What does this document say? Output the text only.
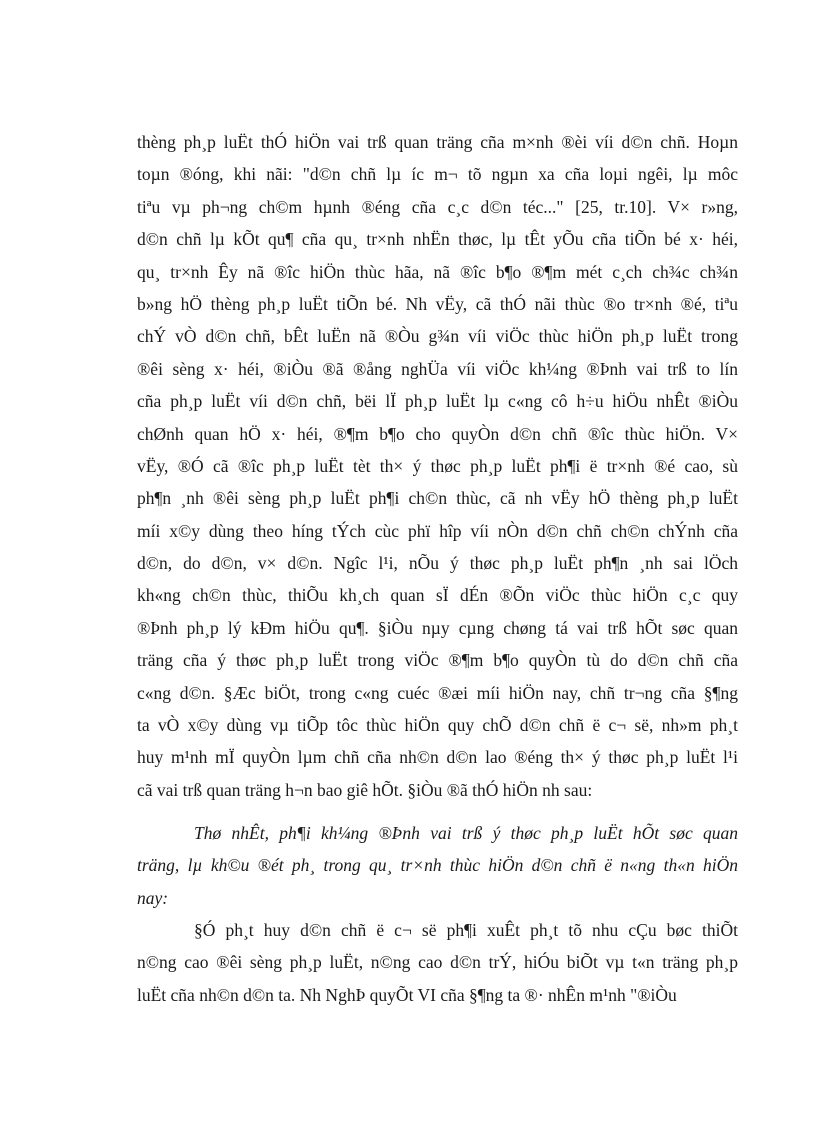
thèng ph¸p luËt thÓ hiÖn vai trß quan träng cña m×nh ®èi víi d©n chñ. Hoµn
toµn ®óng, khi nãi: "d©n chñ lµ íc m¬ tõ ngµn xa cña loµi ngêi, lµ môc
tiªu vµ ph¬ng ch©m hµnh ®éng cña c¸c d©n téc..." [25, tr.10]. V× r»ng,
d©n chñ lµ kÕt qu¶ cña qu¸ tr×nh nhËn thøc, lµ tÊt yÕu cña tiÕn bé x· héi,
qu¸ tr×nh Êy nã ®îc hiÖn thùc hãa, nã ®îc b¶o ®¶m mét c¸ch ch¾c ch¾n
b»ng hÖ thèng ph¸p luËt tiÕn bé. Nh vËy, cã thÓ nãi thùc ®o tr×nh ®é, tiªu
chÝ vÒ d©n chñ, bÊt luËn nã ®Òu g¾n víi viÖc thùc hiÖn ph¸p luËt trong
®êi sèng x· héi, ®iÒu ®ã ®ång nghÜa víi viÖc kh¼ng ®Þnh vai trß to lín
cña ph¸p luËt víi d©n chñ, bëi lÏ ph¸p luËt lµ c«ng cô h÷u hiÖu nhÊt ®iÒu
chØnh quan hÖ x· héi, ®¶m b¶o cho quyÒn d©n chñ ®îc thùc hiÖn. V×
vËy, ®Ó cã ®îc ph¸p luËt tèt th× ý thøc ph¸p luËt ph¶i ë tr×nh ®é cao, sù
ph¶n ¸nh ®êi sèng ph¸p luËt ph¶i ch©n thùc, cã nh vËy hÖ thèng ph¸p luËt
míi x©y dùng theo híng tÝch cùc phï hîp víi nÒn d©n chñ ch©n chÝnh cña
d©n, do d©n, v× d©n. Ngîc l¹i, nÕu ý thøc ph¸p luËt ph¶n ¸nh sai lÖch
kh«ng ch©n thùc, thiÕu kh¸ch quan sÏ dÉn ®Õn viÖc thùc hiÖn c¸c quy
®Þnh ph¸p lý kÐm hiÖu qu¶. §iÒu nµy cµng chøng tá vai trß hÕt søc quan
träng cña ý thøc ph¸p luËt trong viÖc ®¶m b¶o quyÒn tù do d©n chñ cña
c«ng d©n. §Æc biÖt, trong c«ng cuéc ®æi míi hiÖn nay, chñ tr¬ng cña §¶ng
ta vÒ x©y dùng vµ tiÕp tôc thùc hiÖn quy chÕ d©n chñ ë c¬ së, nh»m ph¸t
huy m¹nh mÏ quyÒn lµm chñ cña nh©n d©n lao ®éng th× ý thøc ph¸p luËt l¹i
cã vai trß quan träng h¬n bao giê hÕt. §iÒu ®ã thÓ hiÖn nh sau:
Thø nhÊt, ph¶i kh¼ng ®Þnh vai trß ý thøc ph¸p luËt hÕt søc quan
träng, lµ kh©u ®ét ph¸ trong qu¸ tr×nh thùc hiÖn d©n chñ ë n«ng th«n hiÖn
nay:
§Ó ph¸t huy d©n chñ ë c¬ së ph¶i xuÊt ph¸t tõ nhu cÇu bøc thiÕt
n©ng cao ®êi sèng ph¸p luËt, n©ng cao d©n trÝ, hiÓu biÕt vµ t«n träng ph¸p
luËt cña nh©n d©n ta. Nh NghÞ quyÕt VI cña §¶ng ta ®· nhÊn m¹nh "®iÒu
